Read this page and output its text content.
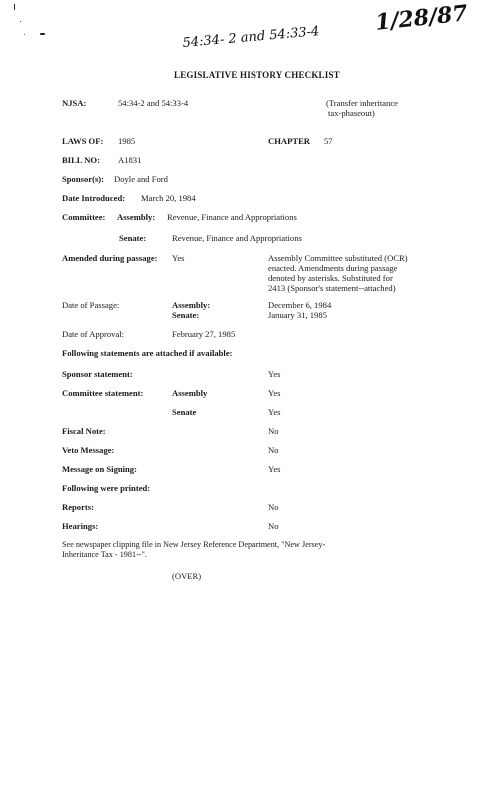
54:34- 2 and 54:33-4
1/28/87
LEGISLATIVE HISTORY CHECKLIST
NJSA:	54:34-2 and 54:33-4	(Transfer inheritance
tax-phaseout)
LAWS OF: 1985	CHAPTER 57
BILL NO: A1831
Sponsor(s): Doyle and Ford
Date Introduced: March 20, 1984
Committee: Assembly: Revenue, Finance and Appropriations
Senate:	Revenue, Finance and Appropriations
Amended during passage: Yes	Assembly Committee substituted (OCR)
enacted. Amendments during passage
denoted by asterisks. Substituted for
2413 (Sponsor's statement--attached)
Date of Passage:	Assembly:	December 6, 1984
Senate:	January 31, 1985
Date of Approval:	February 27, 1985
Following statements are attached if available:
Sponsor statement:	Yes
Committee statement:	Assembly	Yes
Senate	Yes
Fiscal Note:	No
Veto Message:	No
Message on Signing:	Yes
Following were printed:
Reports:	No
Hearings:	No
See newspaper clipping file in New Jersey Reference Department, "New Jersey-
Inheritance Tax - 1981--".
(OVER)
